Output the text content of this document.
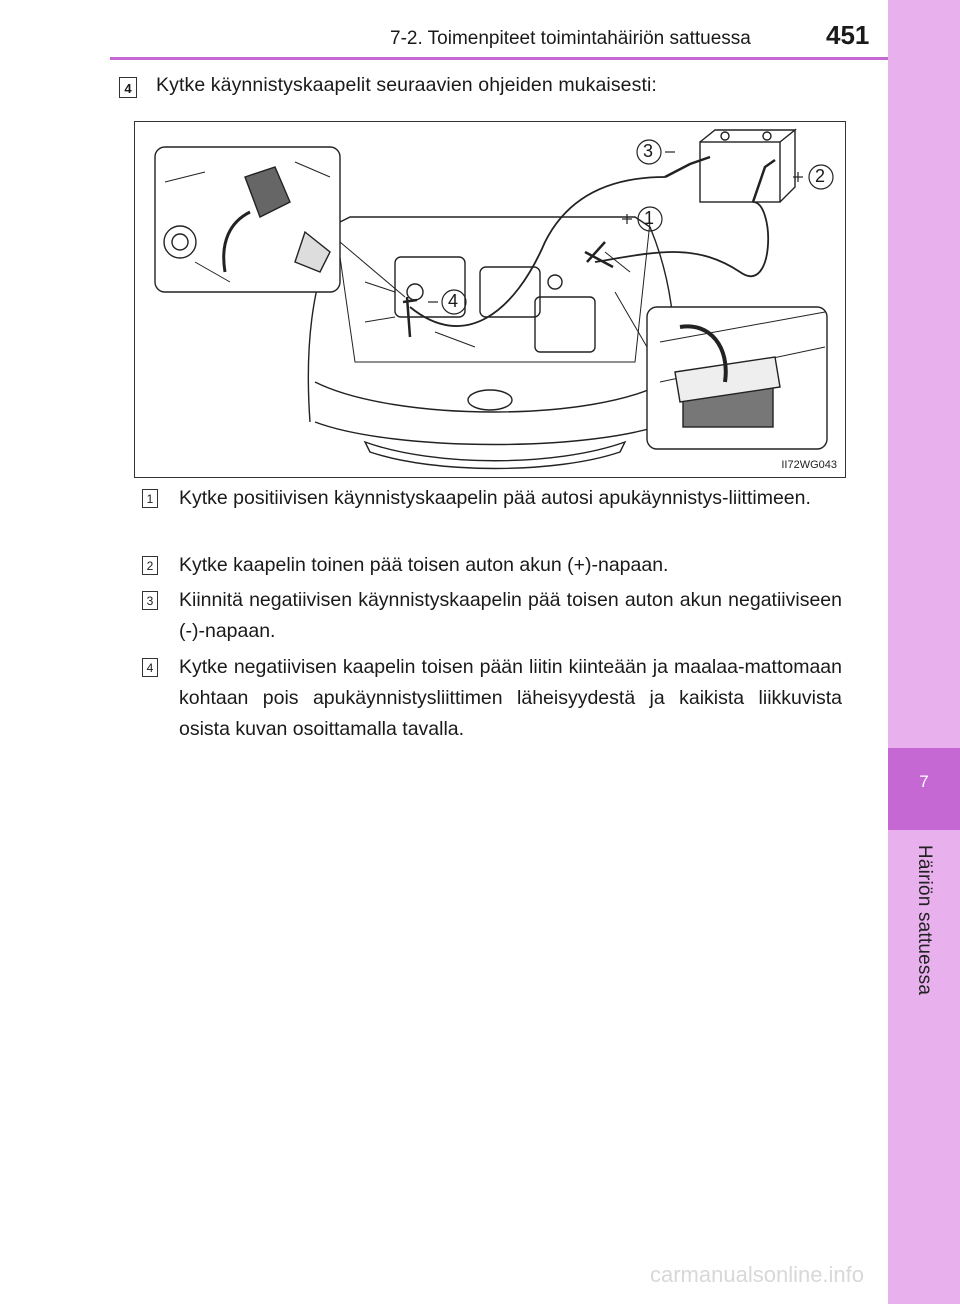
7
Häiriön sattuessa
7-2. Toimenpiteet toimintahäiriön sattuessa	451
4 Kytke käynnistyskaapelit seuraavien ohjeiden mukaisesti:
3
2
1
4
II72WG043
1 Kytke positiivisen käynnistyskaapelin pää autosi apukäynnistys-liittimeen.
2 Kytke kaapelin toinen pää toisen auton akun (+)-napaan.
3 Kiinnitä negatiivisen käynnistyskaapelin pää toisen auton akun negatiiviseen (-)-napaan.
4 Kytke negatiivisen kaapelin toisen pään liitin kiinteään ja maalaa-mattomaan kohtaan pois apukäynnistysliittimen läheisyydestä ja kaikista liikkuvista osista kuvan osoittamalla tavalla.
carmanualsonline.info
